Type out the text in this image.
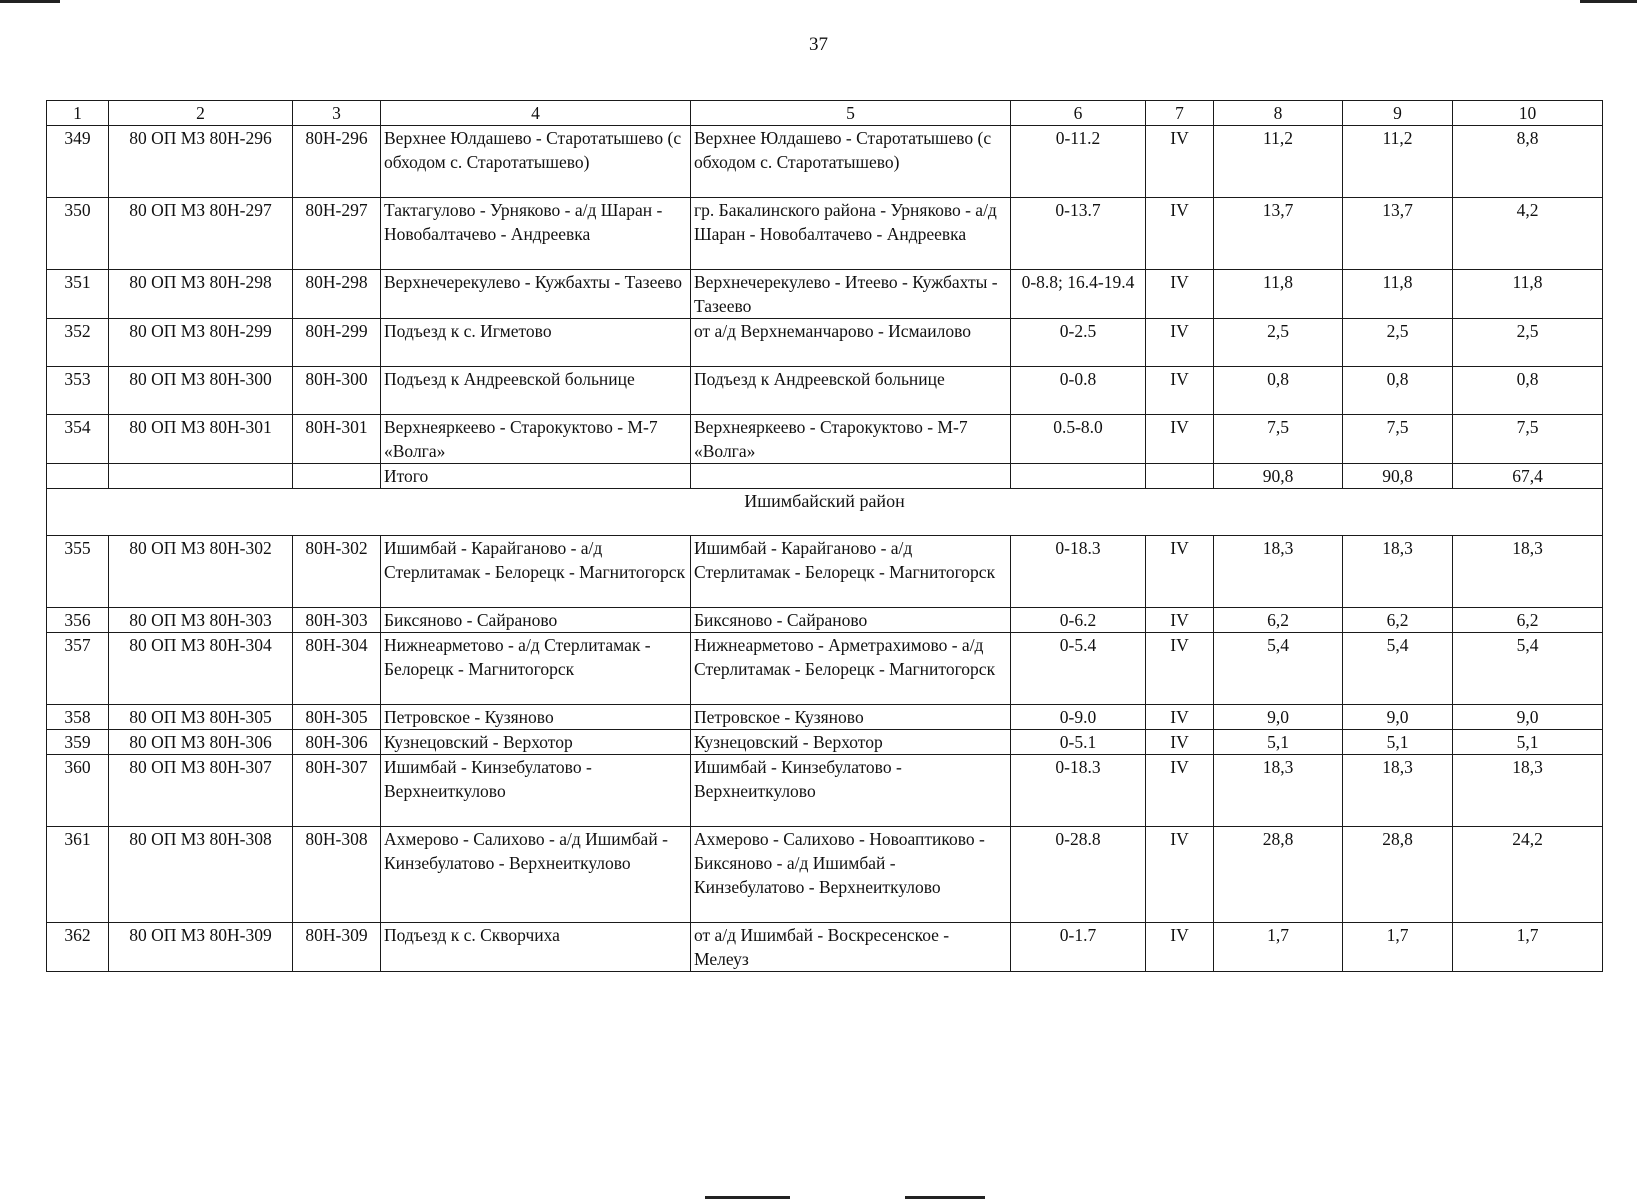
37
1	2	3	4	5	6	7	8	9	10
349	80 ОП МЗ 80Н-296	80Н-296	Верхнее Юлдашево - Старотатышево (с обходом с. Старотатышево)	Верхнее Юлдашево - Старотатышево (с обходом с. Старотатышево)	0-11.2	IV	11,2	11,2	8,8
350	80 ОП МЗ 80Н-297	80Н-297	Тактагулово - Урняково - а/д Шаран - Новобалтачево - Андреевка	гр. Бакалинского района - Урняково - а/д Шаран - Новобалтачево - Андреевка	0-13.7	IV	13,7	13,7	4,2
351	80 ОП МЗ 80Н-298	80Н-298	Верхнечерекулево - Кужбахты - Тазеево	Верхнечерекулево - Итеево - Кужбахты - Тазеево	0-8.8; 16.4-19.4	IV	11,8	11,8	11,8
352	80 ОП МЗ 80Н-299	80Н-299	Подъезд к с. Игметово	от а/д Верхнеманчарово - Исмаилово	0-2.5	IV	2,5	2,5	2,5
353	80 ОП МЗ 80Н-300	80Н-300	Подъезд к Андреевской больнице	Подъезд к Андреевской больнице	0-0.8	IV	0,8	0,8	0,8
354	80 ОП МЗ 80Н-301	80Н-301	Верхнеяркеево - Старокуктово - М-7 «Волга»	Верхнеяркеево - Старокуктово - М-7 «Волга»	0.5-8.0	IV	7,5	7,5	7,5
			Итого				90,8	90,8	67,4
Ишимбайский район									
355	80 ОП МЗ 80Н-302	80Н-302	Ишимбай - Карайганово - а/д Стерлитамак - Белорецк - Магнитогорск	Ишимбай - Карайганово - а/д Стерлитамак - Белорецк - Магнитогорск	0-18.3	IV	18,3	18,3	18,3
356	80 ОП МЗ 80Н-303	80Н-303	Биксяново - Сайраново	Биксяново - Сайраново	0-6.2	IV	6,2	6,2	6,2
357	80 ОП МЗ 80Н-304	80Н-304	Нижнеарметово - а/д Стерлитамак - Белорецк - Магнитогорск	Нижнеарметово - Арметрахимово - а/д Стерлитамак - Белорецк - Магнитогорск	0-5.4	IV	5,4	5,4	5,4
358	80 ОП МЗ 80Н-305	80Н-305	Петровское - Кузяново	Петровское - Кузяново	0-9.0	IV	9,0	9,0	9,0
359	80 ОП МЗ 80Н-306	80Н-306	Кузнецовский - Верхотор	Кузнецовский - Верхотор	0-5.1	IV	5,1	5,1	5,1
360	80 ОП МЗ 80Н-307	80Н-307	Ишимбай - Кинзебулатово - Верхнеиткулово	Ишимбай - Кинзебулатово - Верхнеиткулово	0-18.3	IV	18,3	18,3	18,3
361	80 ОП МЗ 80Н-308	80Н-308	Ахмерово - Салихово - а/д Ишимбай - Кинзебулатово - Верхнеиткулово	Ахмерово - Салихово - Новоаптиково - Биксяново - а/д Ишимбай - Кинзебулатово - Верхнеиткулово	0-28.8	IV	28,8	28,8	24,2
362	80 ОП МЗ 80Н-309	80Н-309	Подъезд к с. Скворчиха	от а/д Ишимбай - Воскресенское - Мелеуз	0-1.7	IV	1,7	1,7	1,7
